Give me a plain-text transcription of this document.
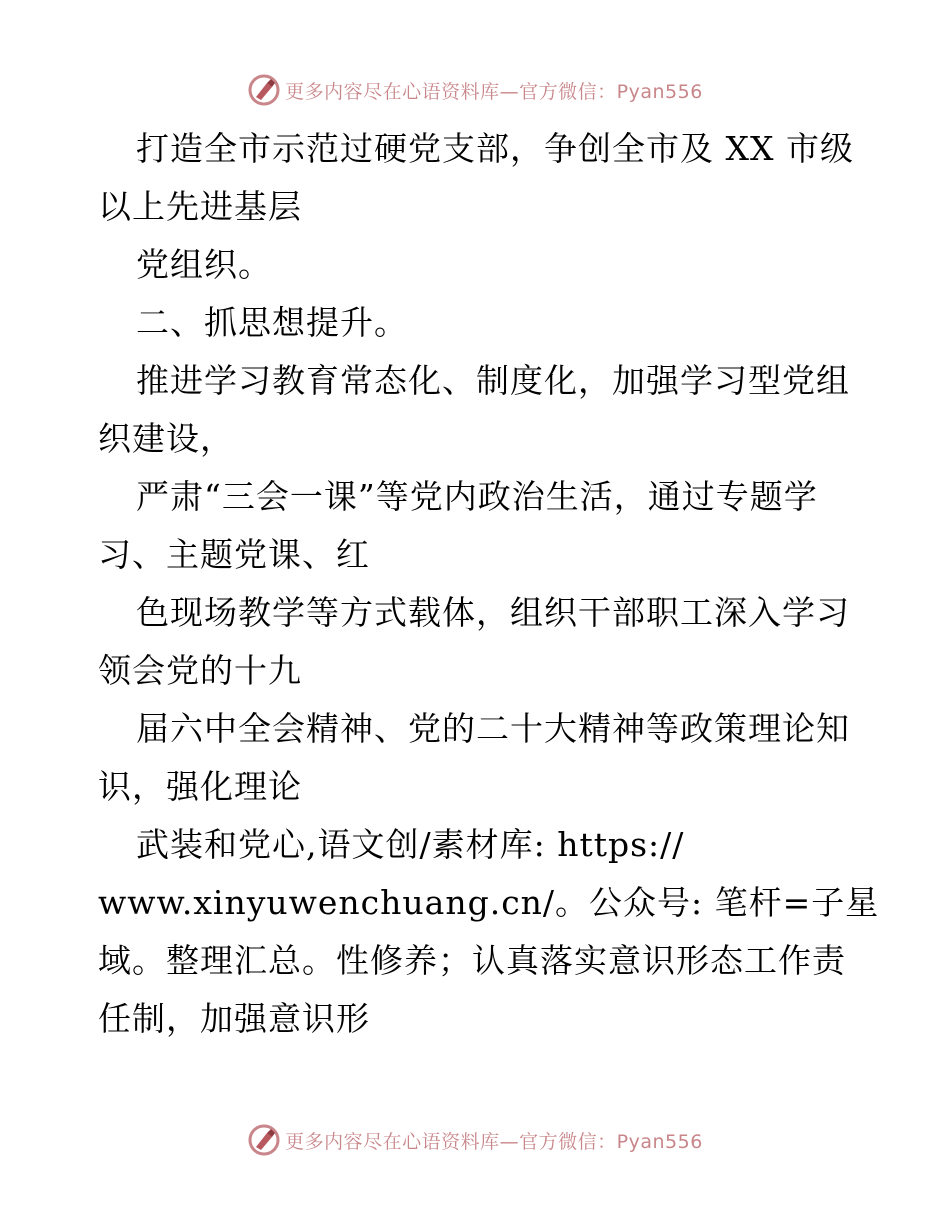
更多内容尽在心语资料库—官方微信：Pyan556
打造全市示范过硬党支部，争创全市及 XX 市级
以上先进基层
党组织。
二、抓思想提升。
推进学习教育常态化、制度化，加强学习型党组
织建设，
严肃“三会一课”等党内政治生活，通过专题学
习、主题党课、红
色现场教学等方式载体，组织干部职工深入学习
领会党的十九
届六中全会精神、党的二十大精神等政策理论知
识，强化理论
武装和党心,语文创/素材库: https://
www.xinyuwenchuang.cn/。公众号: 笔杆=子星
域。整理汇总。性修养；认真落实意识形态工作责
任制，加强意识形
更多内容尽在心语资料库—官方微信：Pyan556
